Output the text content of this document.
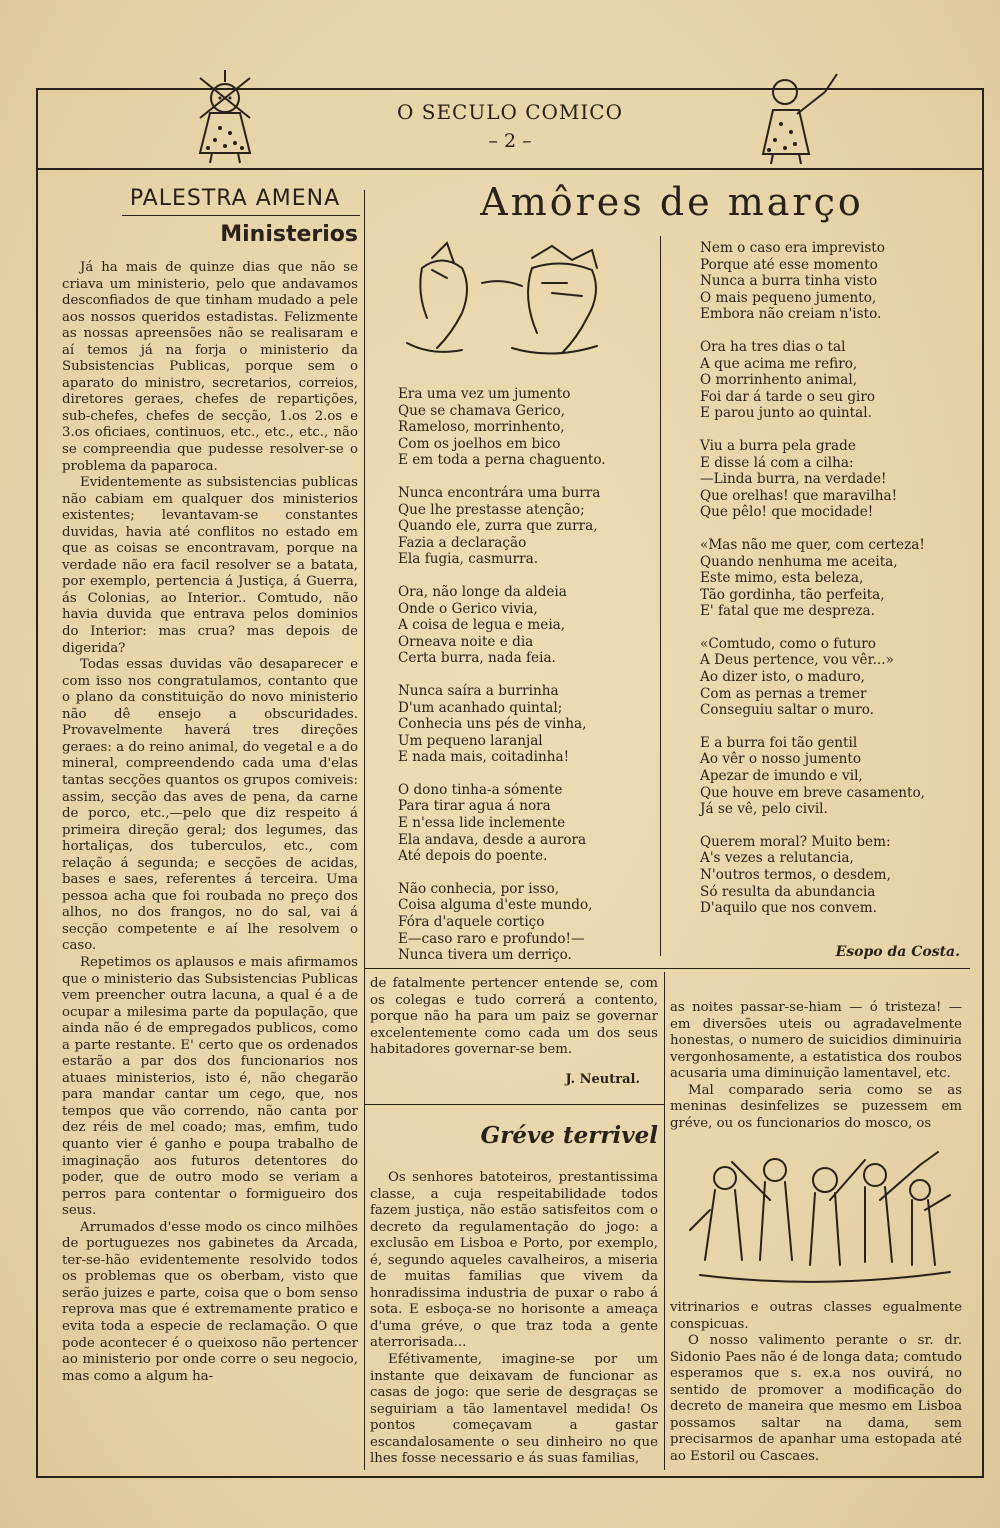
O SECULO COMICO
– 2 –
PALESTRA AMENA
Ministerios

Já ha mais de quinze dias que não se criava um ministerio, pelo que andavamos desconfiados de que tinham mudado a pele aos nossos queridos estadistas. Felizmente as nossas apreensões não se realisaram e aí temos já na forja o ministerio da Subsistencias Publicas, porque sem o aparato do ministro, secretarios, correios, diretores geraes, chefes de repartições, sub-chefes, chefes de secção, 1.os 2.os e 3.os oficiaes, continuos, etc., etc., etc., não se compreendia que pudesse resolver-se o problema da paparoca.

Evidentemente as subsistencias publicas não cabiam em qualquer dos ministerios existentes; levantavam-se constantes duvidas, havia até conflitos no estado em que as coisas se encontravam, porque na verdade não era facil resolver se a batata, por exemplo, pertencia á Justiça, á Guerra, ás Colonias, ao Interior.. Comtudo, não havia duvida que entrava pelos dominios do Interior: mas crua? mas depois de digerida?

Todas essas duvidas vão desaparecer e com isso nos congratulamos, contanto que o plano da constituição do novo ministerio não dê ensejo a obscuridades. Provavelmente haverá tres direções geraes: a do reino animal, do vegetal e a do mineral, compreendendo cada uma d'elas tantas secções quantos os grupos comiveis: assim, secção das aves de pena, da carne de porco, etc.,—pelo que diz respeito á primeira direção geral; dos legumes, das hortaliças, dos tuberculos, etc., com relação á segunda; e secções de acidas, bases e saes, referentes á terceira. Uma pessoa acha que foi roubada no preço dos alhos, no dos frangos, no do sal, vai á secção competente e aí lhe resolvem o caso.

Repetimos os aplausos e mais afirmamos que o ministerio das Subsistencias Publicas vem preencher outra lacuna, a qual é a de ocupar a milesima parte da população, que ainda não é de empregados publicos, como a parte restante. E' certo que os ordenados estarão a par dos dos funcionarios nos atuaes ministerios, isto é, não chegarão para mandar cantar um cego, que, nos tempos que vão correndo, não canta por dez réis de mel coado; mas, emfim, tudo quanto vier é ganho e poupa trabalho de imaginação aos futuros detentores do poder, que de outro modo se veriam a perros para contentar o formigueiro dos seus.

Arrumados d'esse modo os cinco milhões de portuguezes nos gabinetes da Arcada, ter-se-hão evidentemente resolvido todos os problemas que os oberbam, visto que serão juizes e parte, coisa que o bom senso reprova mas que é extremamente pratico e evita toda a especie de reclamação. O que pode acontecer é o queixoso não pertencer ao ministerio por onde corre o seu negocio, mas como a algum ha-

Amôres de março
Era uma vez um jumento
Que se chamava Gerico,
Rameloso, morrinhento,
Com os joelhos em bico
E em toda a perna chaguento.
Nunca encontrára uma burra
Que lhe prestasse atenção;
Quando ele, zurra que zurra,
Fazia a declaração
Ela fugia, casmurra.
Ora, não longe da aldeia
Onde o Gerico vivia,
A coisa de legua e meia,
Orneava noite e dia
Certa burra, nada feia.
Nunca saíra a burrinha
D'um acanhado quintal;
Conhecia uns pés de vinha,
Um pequeno laranjal
E nada mais, coitadinha!
O dono tinha-a sómente
Para tirar agua á nora
E n'essa lide inclemente
Ela andava, desde a aurora
Até depois do poente.
Não conhecia, por isso,
Coisa alguma d'este mundo,
Fóra d'aquele cortiço
E—caso raro e profundo!—
Nunca tivera um derriço.
Nem o caso era imprevisto
Porque até esse momento
Nunca a burra tinha visto
O mais pequeno jumento,
Embora não creiam n'isto.
Ora ha tres dias o tal
A que acima me refiro,
O morrinhento animal,
Foi dar á tarde o seu giro
E parou junto ao quintal.
Viu a burra pela grade
E disse lá com a cilha:
—Linda burra, na verdade!
Que orelhas! que maravilha!
Que pêlo! que mocidade!
«Mas não me quer, com certeza!
Quando nenhuma me aceita,
Este mimo, esta beleza,
Tão gordinha, tão perfeita,
E' fatal que me despreza.
«Comtudo, como o futuro
A Deus pertence, vou vêr...»
Ao dizer isto, o maduro,
Com as pernas a tremer
Conseguiu saltar o muro.
E a burra foi tão gentil
Ao vêr o nosso jumento
Apezar de imundo e vil,
Que houve em breve casamento,
Já se vê, pelo civil.
Querem moral? Muito bem:
A's vezes a relutancia,
N'outros termos, o desdem,
Só resulta da abundancia
D'aquilo que nos convem.
Esopo da Costa.

de fatalmente pertencer entende se, com os colegas e tudo correrá a contento, porque não ha para um paiz se governar excelentemente como cada um dos seus habitadores governar-se bem.

J. Neutral.
Gréve terrivel

Os senhores batoteiros, prestantissima classe, a cuja respeitabilidade todos fazem justiça, não estão satisfeitos com o decreto da regulamentação do jogo: a exclusão em Lisboa e Porto, por exemplo, é, segundo aqueles cavalheiros, a miseria de muitas familias que vivem da honradissima industria de puxar o rabo á sota. E esboça-se no horisonte a ameaça d'uma gréve, o que traz toda a gente aterrorisada...

Efétivamente, imagine-se por um instante que deixavam de funcionar as casas de jogo: que serie de desgraças se seguiriam a tão lamentavel medida! Os pontos começavam a gastar escandalosamente o seu dinheiro no que lhes fosse necessario e ás suas familias,

as noites passar-se-hiam — ó tristeza! — em diversões uteis ou agradavelmente honestas, o numero de suicidios diminuiria vergonhosamente, a estatistica dos roubos acusaria uma diminuição lamentavel, etc.

Mal comparado seria como se as meninas desinfelizes se puzessem em gréve, ou os funcionarios do mosco, os

vitrinarios e outras classes egualmente conspicuas.

O nosso valimento perante o sr. dr. Sidonio Paes não é de longa data; comtudo esperamos que s. ex.a nos ouvirá, no sentido de promover a modificação do decreto de maneira que mesmo em Lisboa possamos saltar na dama, sem precisarmos de apanhar uma estopada até ao Estoril ou Cascaes.
